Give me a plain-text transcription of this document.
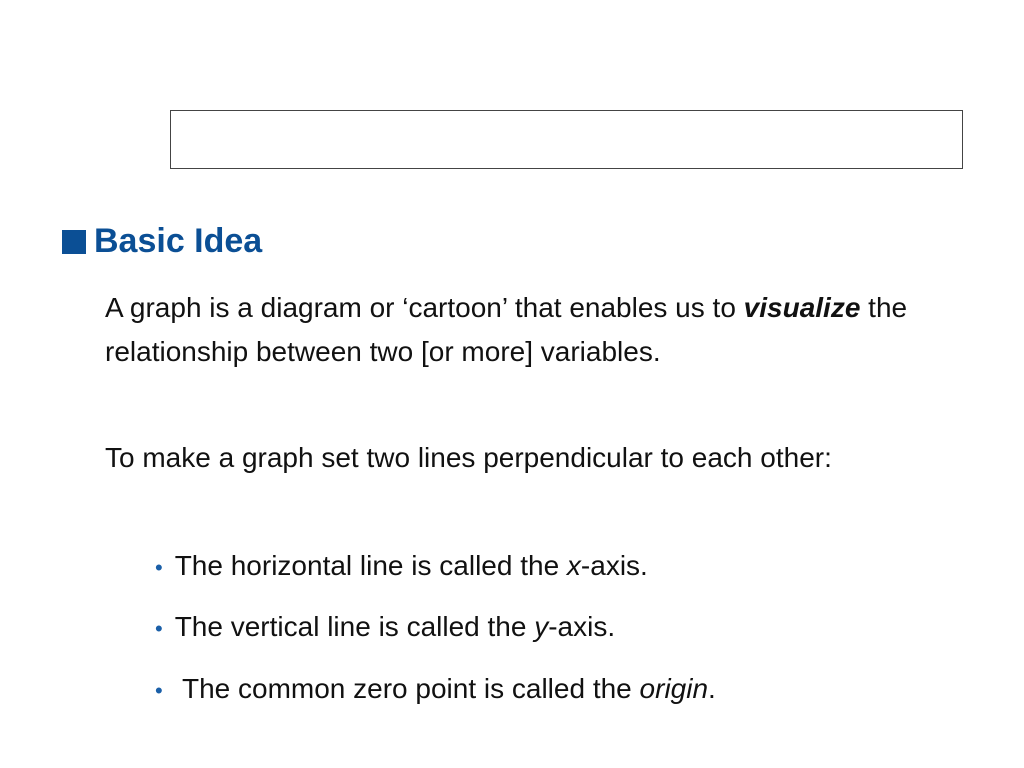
Basic Idea

A graph is a diagram or ‘cartoon’ that enables us to visualize the relationship between two [or more] variables.

To make a graph set two lines perpendicular to each other:

• The horizontal line is called the x -axis.
• The vertical line is called the y -axis.
• The common zero point is called the origin .
